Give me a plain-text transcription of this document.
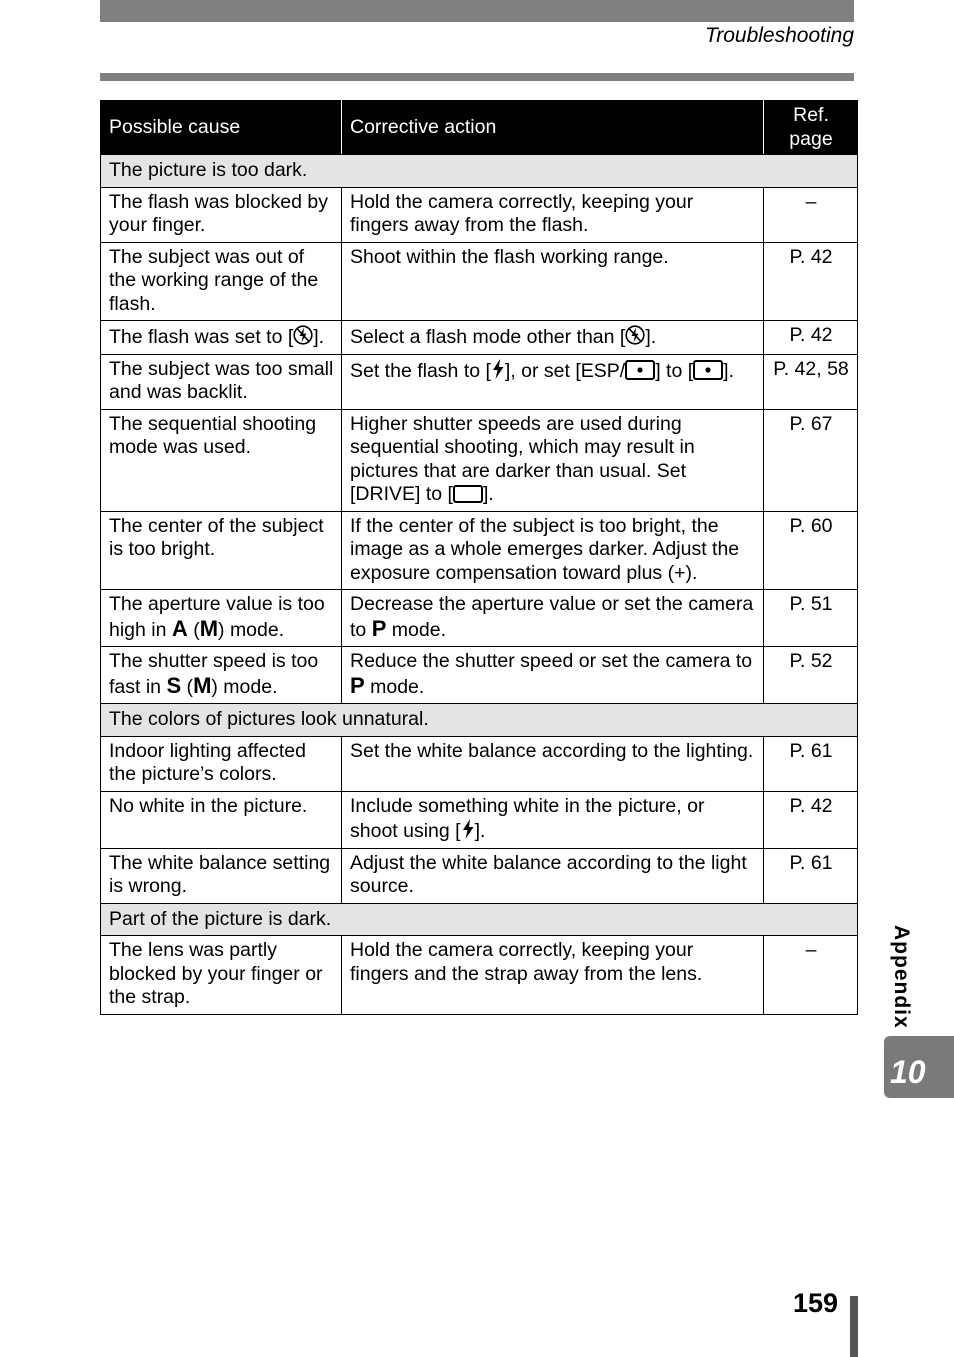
Troubleshooting
Possible cause	Corrective action	Ref. page
The picture is too dark.		
The flash was blocked by your finger.	Hold the camera correctly, keeping your fingers away from the flash.	–
The subject was out of the working range of the flash.	Shoot within the flash working range.	P. 42
The flash was set to [ ].	Select a flash mode other than [ ].	P. 42
The subject was too small and was backlit.	Set the flash to [ ], or set [ESP/ ] to [ ].	P. 42, 58
The sequential shooting mode was used.	Higher shutter speeds are used during sequential shooting, which may result in pictures that are darker than usual. Set [DRIVE] to [ ].	P. 67
The center of the subject is too bright.	If the center of the subject is too bright, the image as a whole emerges darker. Adjust the exposure compensation toward plus (+).	P. 60
The aperture value is too high in A (M) mode.	Decrease the aperture value or set the camera to P mode.	P. 51
The shutter speed is too fast in S (M) mode.	Reduce the shutter speed or set the camera to P mode.	P. 52
The colors of pictures look unnatural.		
Indoor lighting affected the picture’s colors.	Set the white balance according to the lighting.	P. 61
No white in the picture.	Include something white in the picture, or shoot using [ ].	P. 42
The white balance setting is wrong.	Adjust the white balance according to the light source.	P. 61
Part of the picture is dark.		
The lens was partly blocked by your finger or the strap.	Hold the camera correctly, keeping your fingers and the strap away from the lens.	–	Appendix
10
159
